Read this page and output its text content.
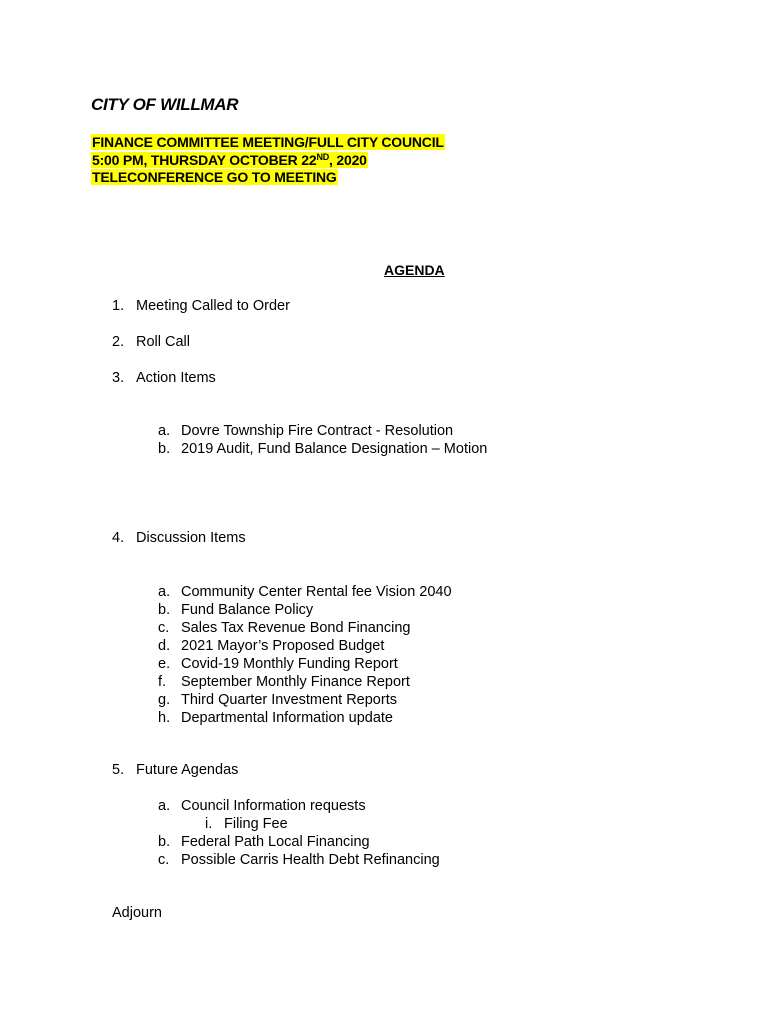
CITY OF WILLMAR
FINANCE COMMITTEE MEETING/FULL CITY COUNCIL
5:00 PM, THURSDAY OCTOBER 22ND, 2020
TELECONFERENCE GO TO MEETING
AGENDA
1. Meeting Called to Order
2. Roll Call
3. Action Items
a. Dovre Township Fire Contract - Resolution
b. 2019 Audit, Fund Balance Designation – Motion
4. Discussion Items
a. Community Center Rental fee Vision 2040
b. Fund Balance Policy
c. Sales Tax Revenue Bond Financing
d. 2021 Mayor’s Proposed Budget
e. Covid-19 Monthly Funding Report
f. September Monthly Finance Report
g. Third Quarter Investment Reports
h. Departmental Information update
5. Future Agendas
a. Council Information requests
i. Filing Fee
b. Federal Path Local Financing
c. Possible Carris Health Debt Refinancing
Adjourn
